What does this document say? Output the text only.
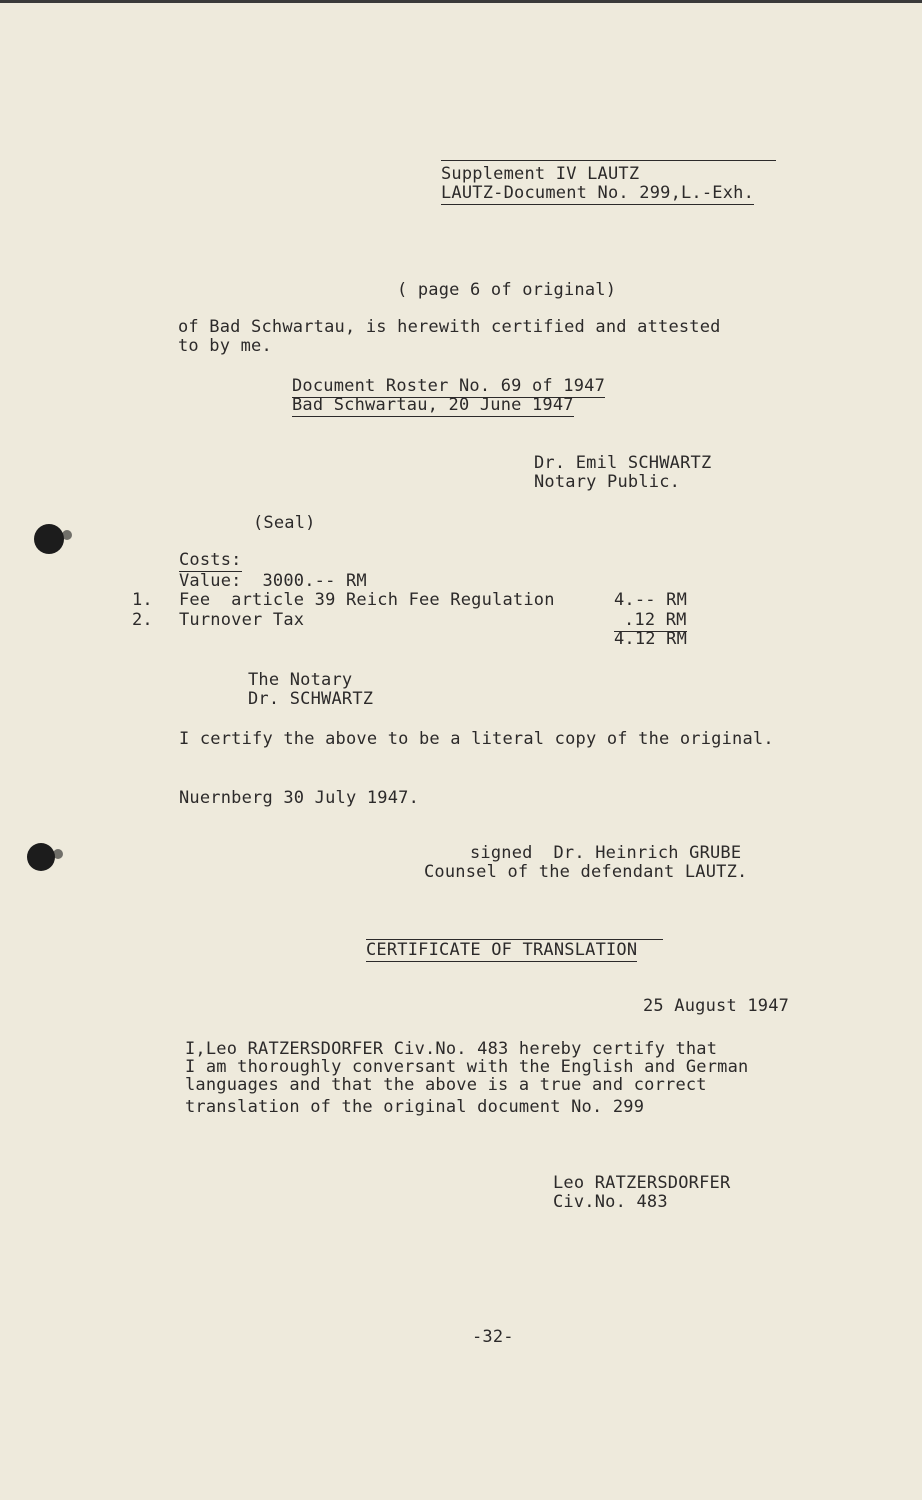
Supplement IV LAUTZ
LAUTZ-Document No. 299,L.-Exh.
( page 6 of original)
of Bad Schwartau, is herewith certified and attested
to by me.
Document Roster No. 69 of 1947
Bad Schwartau, 20 June 1947
Dr. Emil SCHWARTZ
Notary Public.
(Seal)
Costs:
Value:  3000.-- RM
1. Fee  article 39 Reich Fee Regulation	4.-- RM
2. Turnover Tax	.12 RM
4.12 RM
The Notary
Dr. SCHWARTZ
I certify the above to be a literal copy of the original.
Nuernberg 30 July 1947.
signed  Dr. Heinrich GRUBE
Counsel of the defendant LAUTZ.
CERTIFICATE OF TRANSLATION
25 August 1947
I,Leo RATZERSDORFER Civ.No. 483 hereby certify that
I am thoroughly conversant with the English and German
languages and that the above is a true and correct
translation of the original document No. 299
Leo RATZERSDORFER
Civ.No. 483
-32-
